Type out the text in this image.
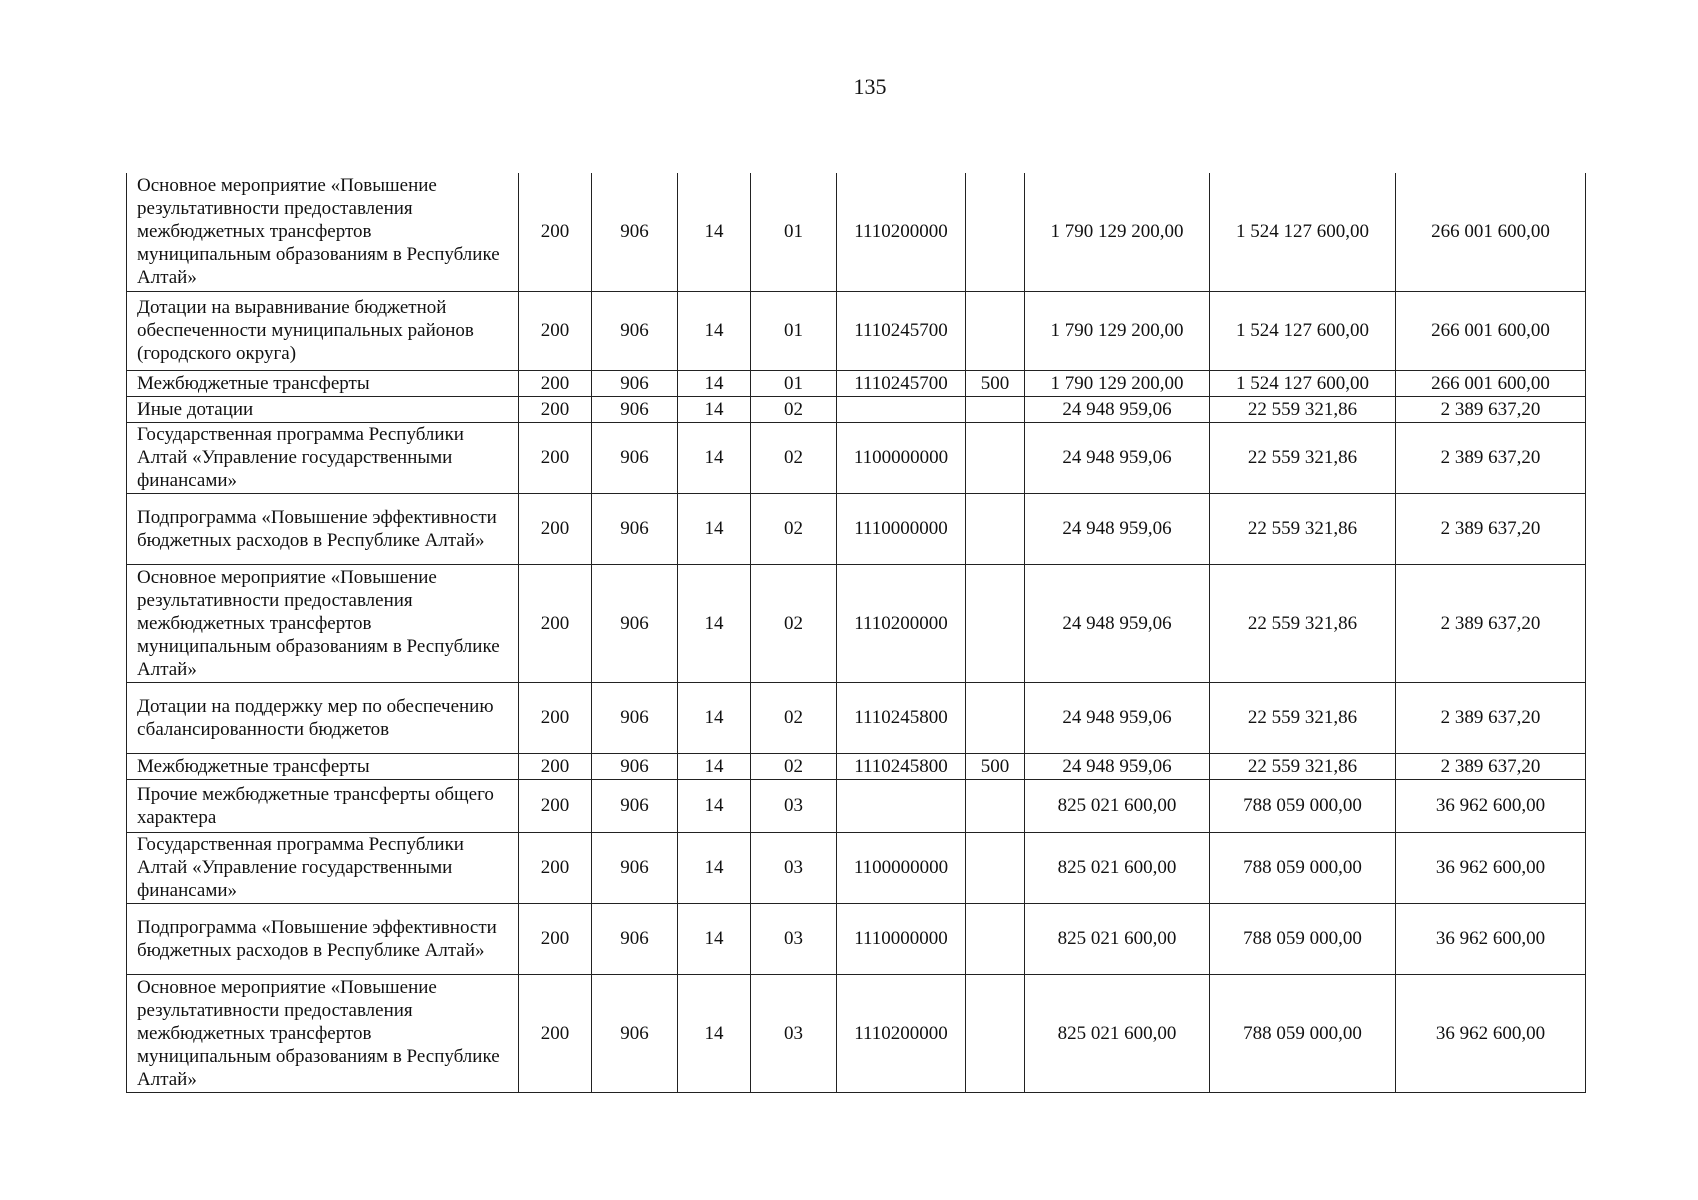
135
Основное мероприятие «Повышение результативности предоставления межбюджетных трансфертов муниципальным образованиям в Республике Алтай»	200	906	14	01	1110200000		1 790 129 200,00	1 524 127 600,00	266 001 600,00
Дотации на выравнивание бюджетной обеспеченности муниципальных районов (городского округа)	200	906	14	01	1110245700		1 790 129 200,00	1 524 127 600,00	266 001 600,00
Межбюджетные трансферты	200	906	14	01	1110245700	500	1 790 129 200,00	1 524 127 600,00	266 001 600,00
Иные дотации	200	906	14	02			24 948 959,06	22 559 321,86	2 389 637,20
Государственная программа Республики Алтай «Управление государственными финансами»	200	906	14	02	1100000000		24 948 959,06	22 559 321,86	2 389 637,20
Подпрограмма «Повышение эффективности бюджетных расходов в Республике Алтай»	200	906	14	02	1110000000		24 948 959,06	22 559 321,86	2 389 637,20
Основное мероприятие «Повышение результативности предоставления межбюджетных трансфертов муниципальным образованиям в Республике Алтай»	200	906	14	02	1110200000		24 948 959,06	22 559 321,86	2 389 637,20
Дотации на поддержку мер по обеспечению сбалансированности бюджетов	200	906	14	02	1110245800		24 948 959,06	22 559 321,86	2 389 637,20
Межбюджетные трансферты	200	906	14	02	1110245800	500	24 948 959,06	22 559 321,86	2 389 637,20
Прочие межбюджетные трансферты общего характера	200	906	14	03			825 021 600,00	788 059 000,00	36 962 600,00
Государственная программа Республики Алтай «Управление государственными финансами»	200	906	14	03	1100000000		825 021 600,00	788 059 000,00	36 962 600,00
Подпрограмма «Повышение эффективности бюджетных расходов в Республике Алтай»	200	906	14	03	1110000000		825 021 600,00	788 059 000,00	36 962 600,00
Основное мероприятие «Повышение результативности предоставления межбюджетных трансфертов муниципальным образованиям в Республике Алтай»	200	906	14	03	1110200000		825 021 600,00	788 059 000,00	36 962 600,00
